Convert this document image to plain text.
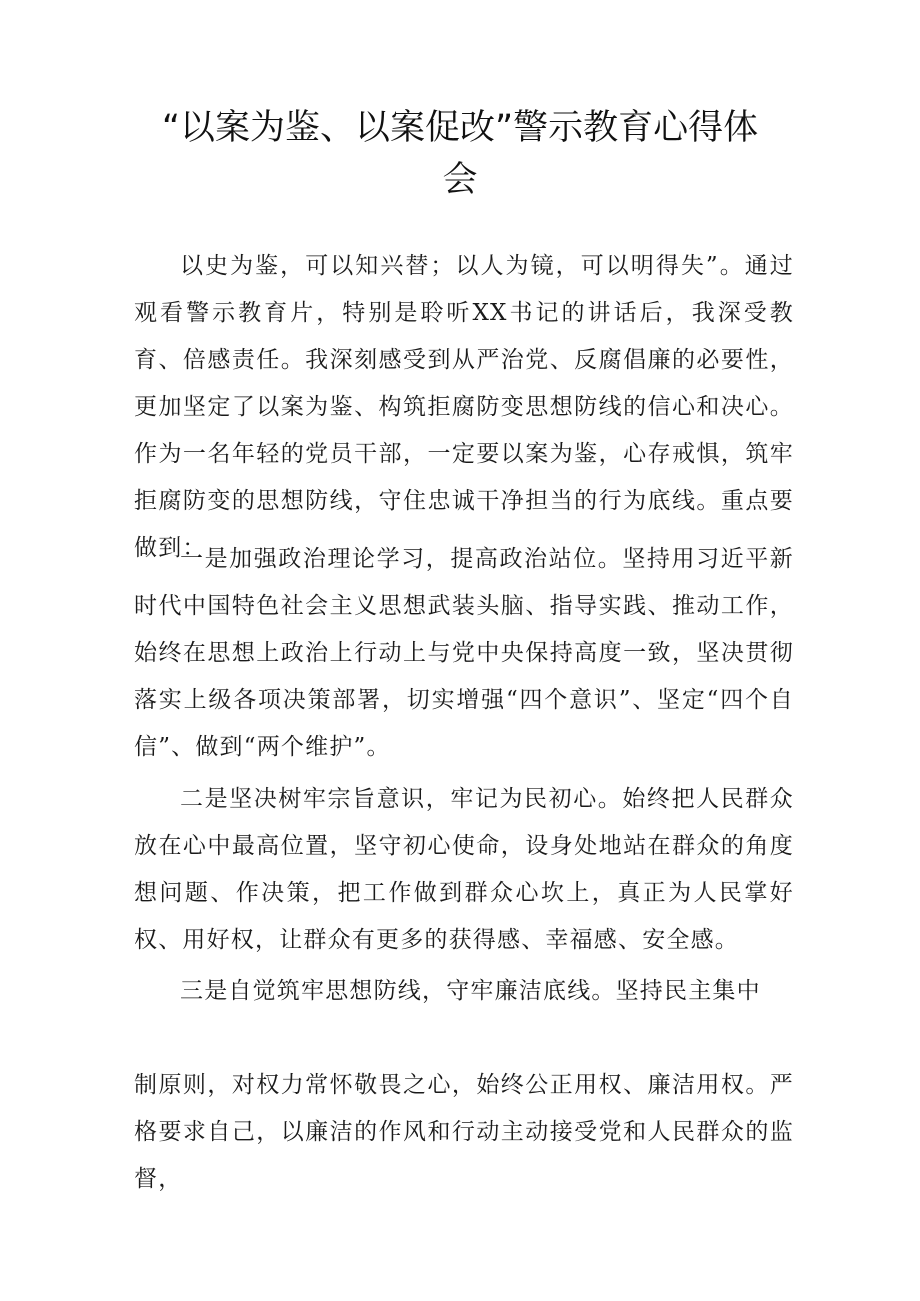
“以案为鉴、以案促改”警示教育心得体会

以史为鉴，可以知兴替；以人为镜，可以明得失”。通过观看警示教育片，特别是聆听XX书记的讲话后，我深受教育、倍感责任。我深刻感受到从严治党、反腐倡廉的必要性，更加坚定了以案为鉴、构筑拒腐防变思想防线的信心和决心。作为一名年轻的党员干部，一定要以案为鉴，心存戒惧，筑牢拒腐防变的思想防线，守住忠诚干净担当的行为底线。重点要做到：

一是加强政治理论学习，提高政治站位。坚持用习近平新时代中国特色社会主义思想武装头脑、指导实践、推动工作，始终在思想上政治上行动上与党中央保持高度一致，坚决贯彻落实上级各项决策部署，切实增强“四个意识”、坚定“四个自信”、做到“两个维护”。

二是坚决树牢宗旨意识，牢记为民初心。始终把人民群众放在心中最高位置，坚守初心使命，设身处地站在群众的角度想问题、作决策，把工作做到群众心坎上，真正为人民掌好权、用好权，让群众有更多的获得感、幸福感、安全感。

三是自觉筑牢思想防线，守牢廉洁底线。坚持民主集中

制原则，对权力常怀敬畏之心，始终公正用权、廉洁用权。严格要求自己，以廉洁的作风和行动主动接受党和人民群众的监督，
